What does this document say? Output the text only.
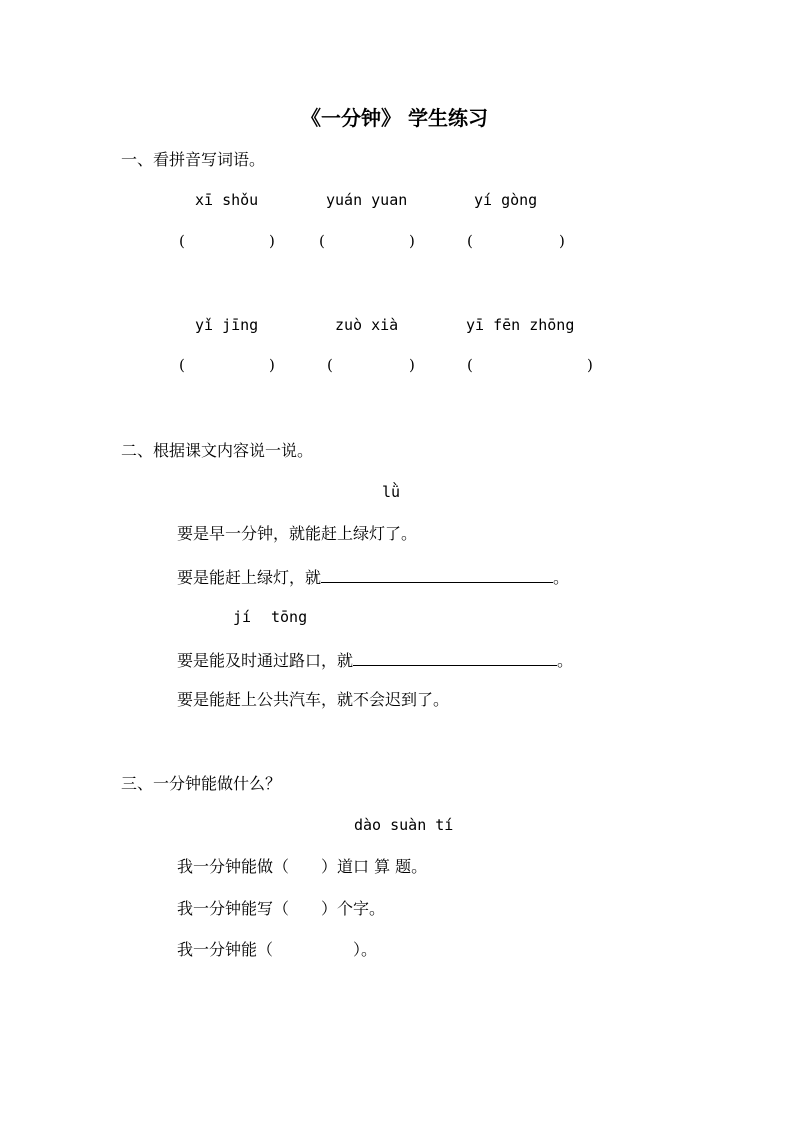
《一分钟》 学生练习
一、看拼音写词语。
xī shǒu	yuán yuan	yí gòng
(	)	(	)	(	)
yǐ jīng	zuò xià	yī fēn zhōng
(	)	(	)	(	)
二、根据课文内容说一说。
lǜ
要是早一分钟，就能赶上绿灯了。
要是能赶上绿灯，就	。
jí tōng
要是能及时通过路口，就	。
要是能赶上公共汽车，就不会迟到了。
三、一分钟能做什么？
dào suàn tí
我一分钟能做（　　）道口 算 题。
我一分钟能写（　　）个字。
我一分钟能（　　　　　）。
